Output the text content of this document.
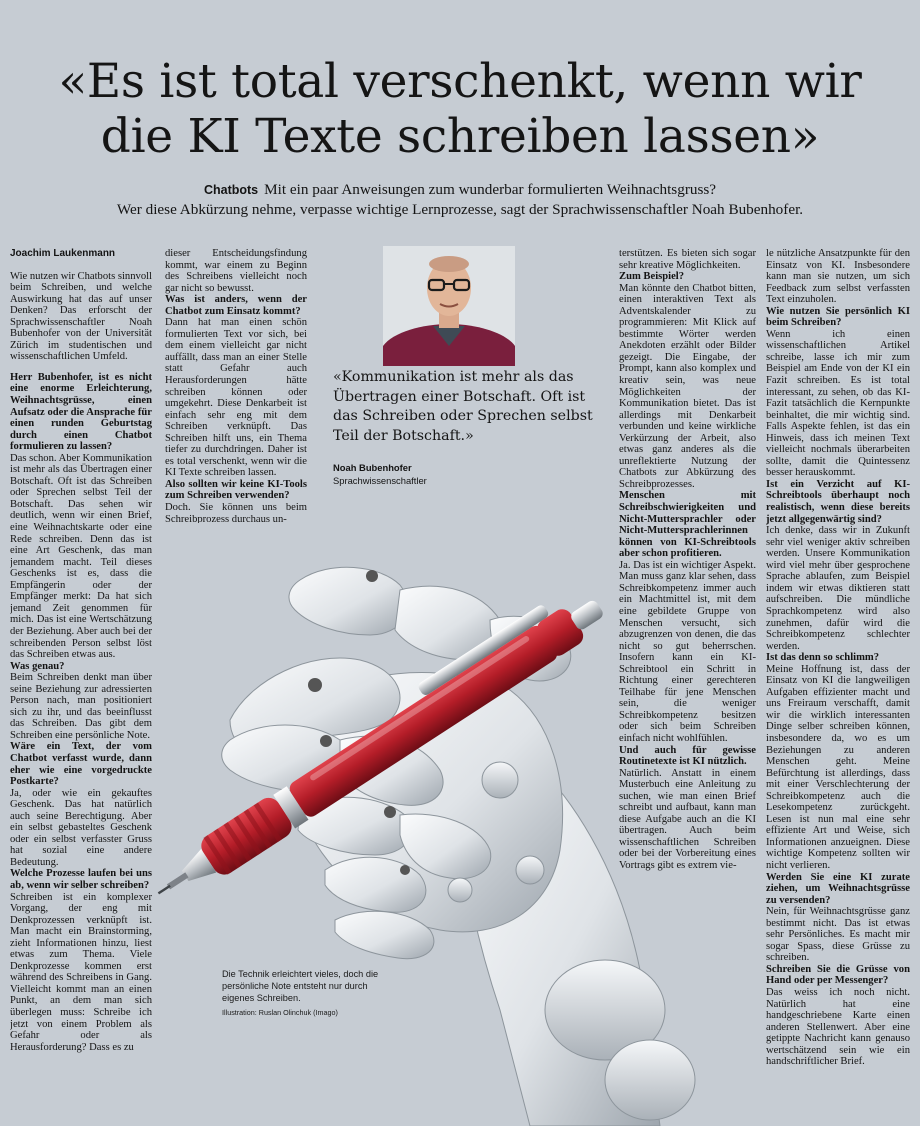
«Es ist total verschenkt, wenn wir
die KI Texte schreiben lassen»
Chatbots Mit ein paar Anweisungen zum wunderbar formulierten Weihnachtsgruss?
Wer diese Abkürzung nehme, verpasse wichtige Lernprozesse, sagt der Sprachwissenschaftler Noah Bubenhofer.
«Kommunikation ist mehr als das Übertragen einer Botschaft. Oft ist das Schreiben oder Sprechen selbst Teil der Botschaft.»
Noah Bubenhofer
Sprachwissenschaftler
Joachim Laukenmann

Wie nutzen wir Chatbots sinnvoll beim Schreiben, und welche Auswirkung hat das auf unser Denken? Das erforscht der Sprachwissenschaftler Noah Bubenhofer von der Universität Zürich im studentischen und wissenschaftlichen Umfeld.

Herr Bubenhofer, ist es nicht eine enorme Erleichterung, Weihnachtsgrüsse, einen Aufsatz oder die Ansprache für einen runden Geburtstag durch einen Chatbot formulieren zu lassen?

Das schon. Aber Kommunikation ist mehr als das Übertragen einer Botschaft. Oft ist das Schreiben oder Sprechen selbst Teil der Botschaft. Das sehen wir deutlich, wenn wir einen Brief, eine Weihnachtskarte oder eine Rede schreiben. Denn das ist eine Art Geschenk, das man jemandem macht. Teil dieses Geschenks ist es, dass die Empfängerin oder der Empfänger merkt: Da hat sich jemand Zeit genommen für mich. Das ist eine Wertschätzung der Beziehung. Aber auch bei der schreibenden Person selbst löst das Schreiben etwas aus.

Was genau?

Beim Schreiben denkt man über seine Beziehung zur adressierten Person nach, man positioniert sich zu ihr, und das beeinflusst das Schreiben. Das gibt dem Schreiben eine persönliche Note.

Wäre ein Text, der vom Chatbot verfasst wurde, dann eher wie eine vorgedruckte Postkarte?

Ja, oder wie ein gekauftes Geschenk. Das hat natürlich auch seine Berechtigung. Aber ein selbst gebasteltes Geschenk oder ein selbst verfasster Gruss hat sozial eine andere Bedeutung.

Welche Prozesse laufen bei uns ab, wenn wir selber schreiben?

Schreiben ist ein komplexer Vorgang, der eng mit Denkprozessen verknüpft ist. Man macht ein Brainstorming, zieht Informationen hinzu, liest etwas zum Thema. Viele Denkprozesse kommen erst während des Schreibens in Gang. Vielleicht kommt man an einen Punkt, an dem man sich überlegen muss: Schreibe ich jetzt von einem Problem als Gefahr oder als Herausforderung? Dass es zu

dieser Entscheidungsfindung kommt, war einem zu Beginn des Schreibens vielleicht noch gar nicht so bewusst.

Was ist anders, wenn der Chatbot zum Einsatz kommt?

Dann hat man einen schön formulierten Text vor sich, bei dem einem vielleicht gar nicht auffällt, dass man an einer Stelle statt Gefahr auch Herausforderungen hätte schreiben können oder umgekehrt. Diese Denkarbeit ist einfach sehr eng mit dem Schreiben verknüpft. Das Schreiben hilft uns, ein Thema tiefer zu durchdringen. Daher ist es total verschenkt, wenn wir die KI Texte schreiben lassen.

Also sollten wir keine KI-Tools zum Schreiben verwenden?

Doch. Sie können uns beim Schreibprozess durchaus un-

terstützen. Es bieten sich sogar sehr kreative Möglichkeiten.

Zum Beispiel?

Man könnte den Chatbot bitten, einen interaktiven Text als Adventskalender zu programmieren: Mit Klick auf bestimmte Wörter werden Anekdoten erzählt oder Bilder gezeigt. Die Eingabe, der Prompt, kann also komplex und kreativ sein, was neue Möglichkeiten der Kommunikation bietet. Das ist allerdings mit Denkarbeit verbunden und keine wirkliche Verkürzung der Arbeit, also etwas ganz anderes als die unreflektierte Nutzung der Chatbots zur Abkürzung des Schreibprozesses.

Menschen mit Schreibschwierigkeiten und Nicht-Muttersprachler oder Nicht-Muttersprachlerinnen können von KI-Schreibtools aber schon profitieren.

Ja. Das ist ein wichtiger Aspekt. Man muss ganz klar sehen, dass Schreibkompetenz immer auch ein Machtmittel ist, mit dem eine gebildete Gruppe von Menschen versucht, sich abzugrenzen von denen, die das nicht so gut beherrschen. Insofern kann ein KI-Schreibtool ein Schritt in Richtung einer gerechteren Teilhabe für jene Menschen sein, die weniger Schreibkompetenz besitzen oder sich beim Schreiben einfach nicht wohlfühlen.

Und auch für gewisse Routinetexte ist KI nützlich.

Natürlich. Anstatt in einem Musterbuch eine Anleitung zu suchen, wie man einen Brief schreibt und aufbaut, kann man diese Aufgabe auch an die KI übertragen. Auch beim wissenschaftlichen Schreiben oder bei der Vorbereitung eines Vortrags gibt es extrem vie-

le nützliche Ansatzpunkte für den Einsatz von KI. Insbesondere kann man sie nutzen, um sich Feedback zum selbst verfassten Text einzuholen.

Wie nutzen Sie persönlich KI beim Schreiben?

Wenn ich einen wissenschaftlichen Artikel schreibe, lasse ich mir zum Beispiel am Ende von der KI ein Fazit schreiben. Es ist total interessant, zu sehen, ob das KI-Fazit tatsächlich die Kernpunkte beinhaltet, die mir wichtig sind. Falls Aspekte fehlen, ist das ein Hinweis, dass ich meinen Text vielleicht nochmals überarbeiten sollte, damit die Quintessenz besser herauskommt.

Ist ein Verzicht auf KI-Schreibtools überhaupt noch realistisch, wenn diese bereits jetzt allgegenwärtig sind?

Ich denke, dass wir in Zukunft sehr viel weniger aktiv schreiben werden. Unsere Kommunikation wird viel mehr über gesprochene Sprache ablaufen, zum Beispiel indem wir etwas diktieren statt aufschreiben. Die mündliche Sprachkompetenz wird also zunehmen, dafür wird die Schreibkompetenz schlechter werden.

Ist das denn so schlimm?

Meine Hoffnung ist, dass der Einsatz von KI die langweiligen Aufgaben effizienter macht und uns Freiraum verschafft, damit wir die wirklich interessanten Dinge selber schreiben können, insbesondere da, wo es um Beziehungen zu anderen Menschen geht. Meine Befürchtung ist allerdings, dass mit einer Verschlechterung der Schreibkompetenz auch die Lesekompetenz zurückgeht. Lesen ist nun mal eine sehr effiziente Art und Weise, sich Informationen anzueignen. Diese wichtige Kompetenz sollten wir nicht verlieren.

Werden Sie eine KI zurate ziehen, um Weihnachtsgrüsse zu versenden?

Nein, für Weihnachtsgrüsse ganz bestimmt nicht. Das ist etwas sehr Persönliches. Es macht mir sogar Spass, diese Grüsse zu schreiben.

Schreiben Sie die Grüsse von Hand oder per Messenger?

Das weiss ich noch nicht. Natürlich hat eine handgeschriebene Karte einen anderen Stellenwert. Aber eine getippte Nachricht kann genauso wertschätzend sein wie ein handschriftlicher Brief.

Die Technik erleichtert vieles, doch die persönliche Note entsteht nur durch eigenes Schreiben.
Illustration: Ruslan Olinchuk (Imago)
